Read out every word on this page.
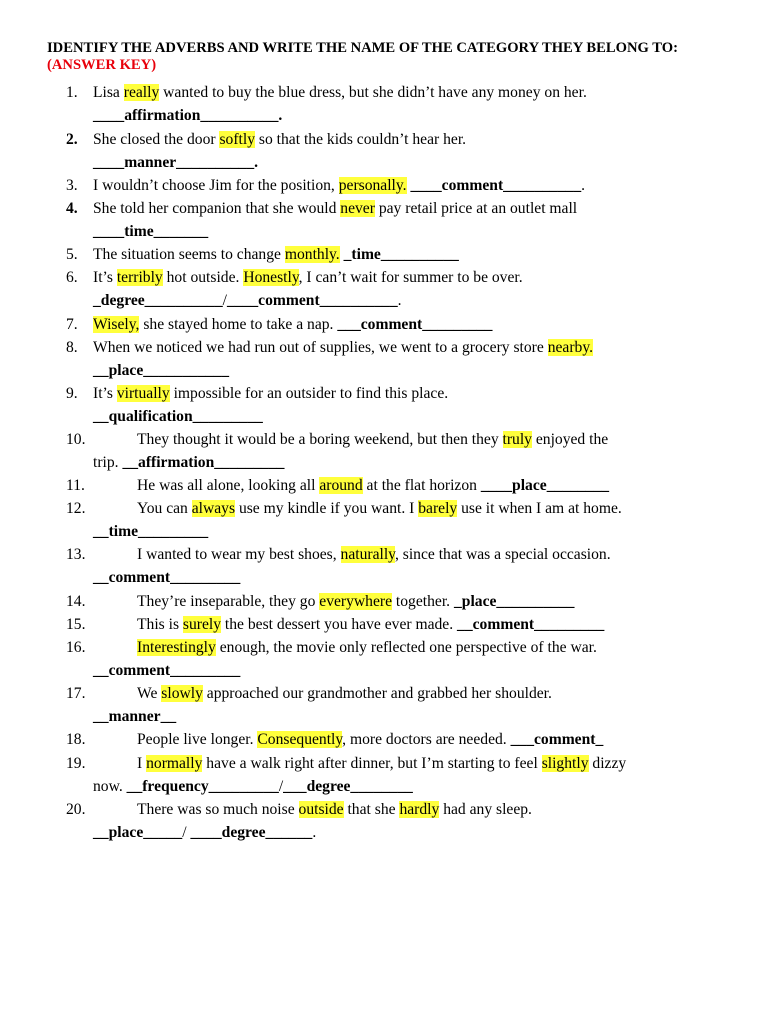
IDENTIFY THE ADVERBS AND WRITE THE NAME OF THE CATEGORY THEY BELONG TO: (ANSWER KEY)
1. Lisa really wanted to buy the blue dress, but she didn’t have any money on her.
____affirmation__________.
2. She closed the door softly so that the kids couldn’t hear her.
____manner__________.
3. I wouldn’t choose Jim for the position, personally. ____comment__________.
4. She told her companion that she would never pay retail price at an outlet mall
____time_______
5. The situation seems to change monthly. _time__________
6. It’s terribly hot outside. Honestly, I can’t wait for summer to be over.
_degree__________/____comment__________.
7. Wisely, she stayed home to take a nap. ___comment_________
8. When we noticed we had run out of supplies, we went to a grocery store nearby.
__place___________
9. It’s virtually impossible for an outsider to find this place.
__qualification_________
10.	They thought it would be a boring weekend, but then they truly enjoyed the
trip. __affirmation_________
11.	He was all alone, looking all around at the flat horizon ____place________
12.	You can always use my kindle if you want. I barely use it when I am at home.
__time_________
13.	I wanted to wear my best shoes, naturally, since that was a special occasion.
__comment_________
14.	They’re inseparable, they go everywhere together. _place__________
15.	This is surely the best dessert you have ever made. __comment_________
16.	Interestingly enough, the movie only reflected one perspective of the war.
__comment_________
17.	We slowly approached our grandmother and grabbed her shoulder.
__manner__
18.	People live longer. Consequently, more doctors are needed. ___comment_
19.	I normally have a walk right after dinner, but I’m starting to feel slightly dizzy
now. __frequency_________/___degree________
20.	There was so much noise outside that she hardly had any sleep.
__place_____/ ____degree______.
